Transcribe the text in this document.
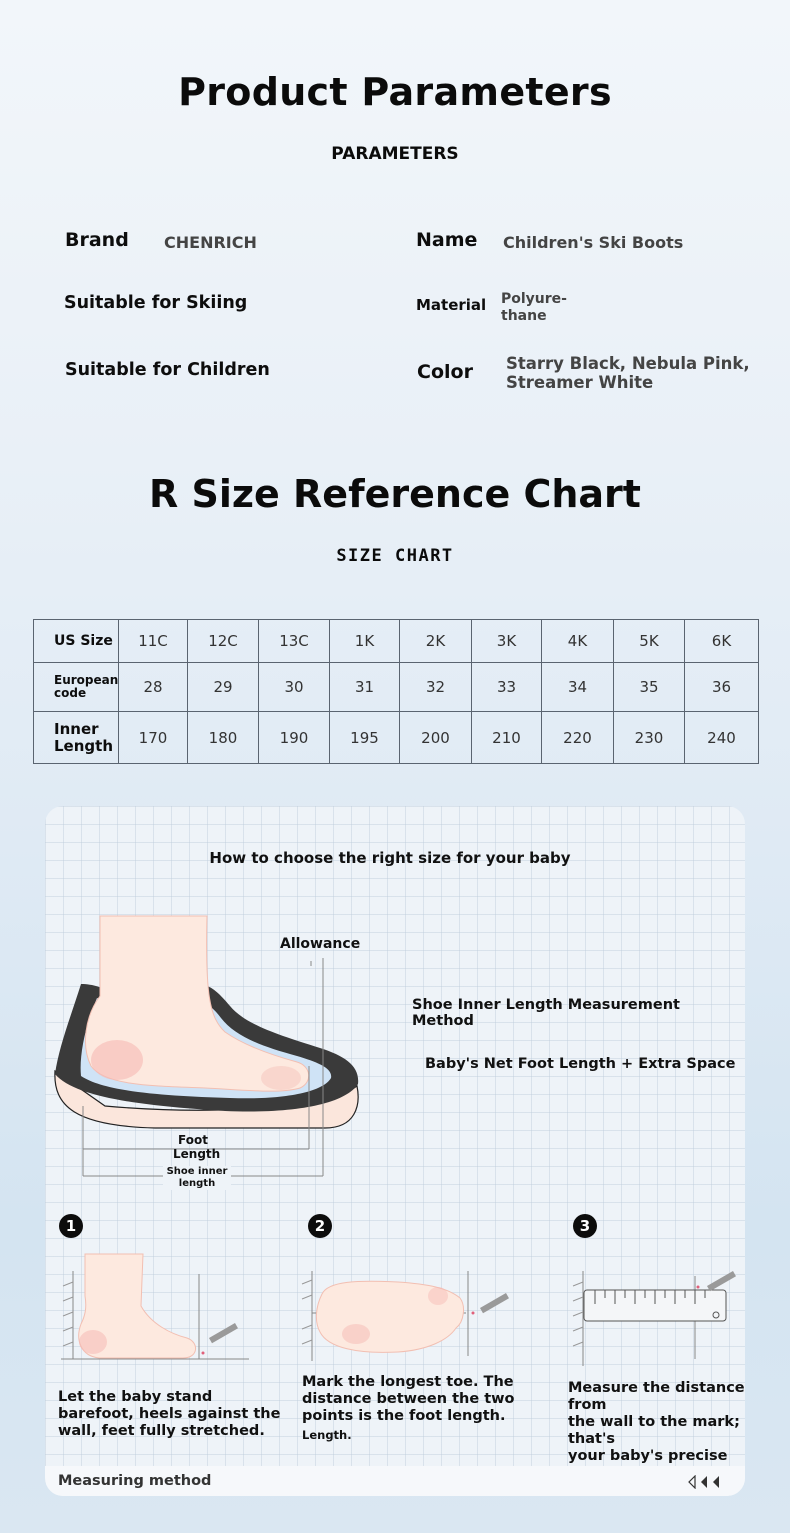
Product Parameters
PARAMETERS
Brand CHENRICH	Name Children's Ski Boots
Suitable for Skiing	Material Polyure-
thane
Suitable for Children	Color Starry Black, Nebula Pink,
Streamer White
R Size Reference Chart
SIZE CHART
US Size	11C	12C	13C	1K	2K	3K	4K	5K	6K

European
code	28	29	30	31	32	33	34	35	36

Inner
Length	170	180	190	195	200	210	220	230	240
How to choose the right size for your baby
Allowance
Foot
Length
Shoe inner
length
Shoe Inner Length Measurement Method
Baby's Net Foot Length + Extra Space
1	2	3
Let the baby stand
barefoot, heels against the
wall, feet fully stretched.
Mark the longest toe. The
distance between the two
points is the foot length.
Length.
Measure the distance from
the wall to the mark; that's
your baby's precise
Measuring method
